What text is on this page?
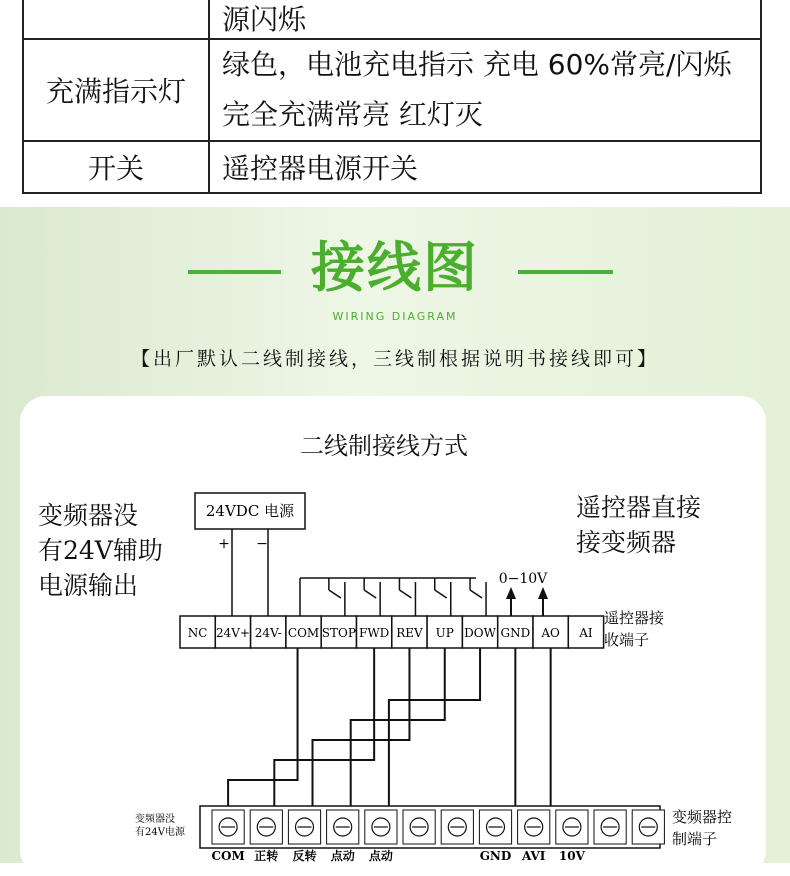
	源闪烁
充满指示灯	绿色，电池充电指示 充电 60%常亮/闪烁
完全充满常亮 红灯灭

开关	遥控器电源开关
接线图
WIRING DIAGRAM
【出厂默认二线制接线，三线制根据说明书接线即可】
二线制接线方式
变频器没
有24V辅助
电源输出
遥控器直接
接变频器
24VDC 电源
+ −
0−10V
NC 24V+ 24V- COM STOP FWD REV UP DOW GND AO AI
遥控器接
收端子
COM 正转 反转 点动 点动	GND AVI 10V
变频器没
有24V电源
变频器控
制端子
